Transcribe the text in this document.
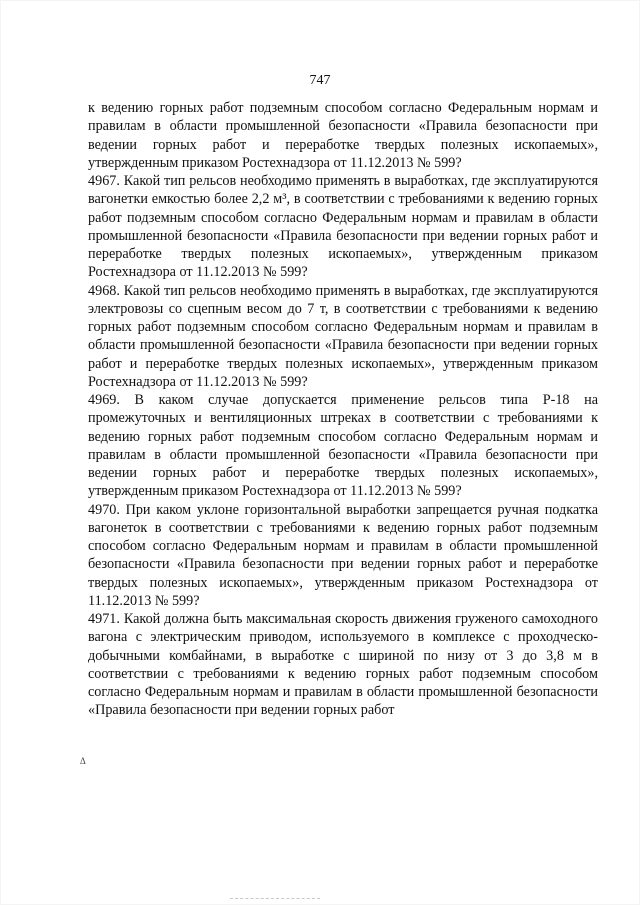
747

к ведению горных работ подземным способом согласно Федеральным нормам и правилам в области промышленной безопасности «Правила безопасности при ведении горных работ и переработке твердых полезных ископаемых», утвержденным приказом Ростехнадзора от 11.12.2013 № 599?

4967. Какой тип рельсов необходимо применять в выработках, где эксплуатируются вагонетки емкостью более 2,2 м³, в соответствии с требованиями к ведению горных работ подземным способом согласно Федеральным нормам и правилам в области промышленной безопасности «Правила безопасности при ведении горных работ и переработке твердых полезных ископаемых», утвержденным приказом Ростехнадзора от 11.12.2013 № 599?

4968. Какой тип рельсов необходимо применять в выработках, где эксплуатируются электровозы со сцепным весом до 7 т, в соответствии с требованиями к ведению горных работ подземным способом согласно Федеральным нормам и правилам в области промышленной безопасности «Правила безопасности при ведении горных работ и переработке твердых полезных ископаемых», утвержденным приказом Ростехнадзора от 11.12.2013 № 599?

4969. В каком случае допускается применение рельсов типа Р-18 на промежуточных и вентиляционных штреках в соответствии с требованиями к ведению горных работ подземным способом согласно Федеральным нормам и правилам в области промышленной безопасности «Правила безопасности при ведении горных работ и переработке твердых полезных ископаемых», утвержденным приказом Ростехнадзора от 11.12.2013 № 599?

4970. При каком уклоне горизонтальной выработки запрещается ручная подкатка вагонеток в соответствии с требованиями к ведению горных работ подземным способом согласно Федеральным нормам и правилам в области промышленной безопасности «Правила безопасности при ведении горных работ и переработке твердых полезных ископаемых», утвержденным приказом Ростехнадзора от 11.12.2013 № 599?

4971. Какой должна быть максимальная скорость движения груженого самоходного вагона с электрическим приводом, используемого в комплексе с проходческо-добычными комбайнами, в выработке с шириной по низу от 3 до 3,8 м в соответствии с требованиями к ведению горных работ подземным способом согласно Федеральным нормам и правилам в области промышленной безопасности «Правила безопасности при ведении горных работ

Δ
